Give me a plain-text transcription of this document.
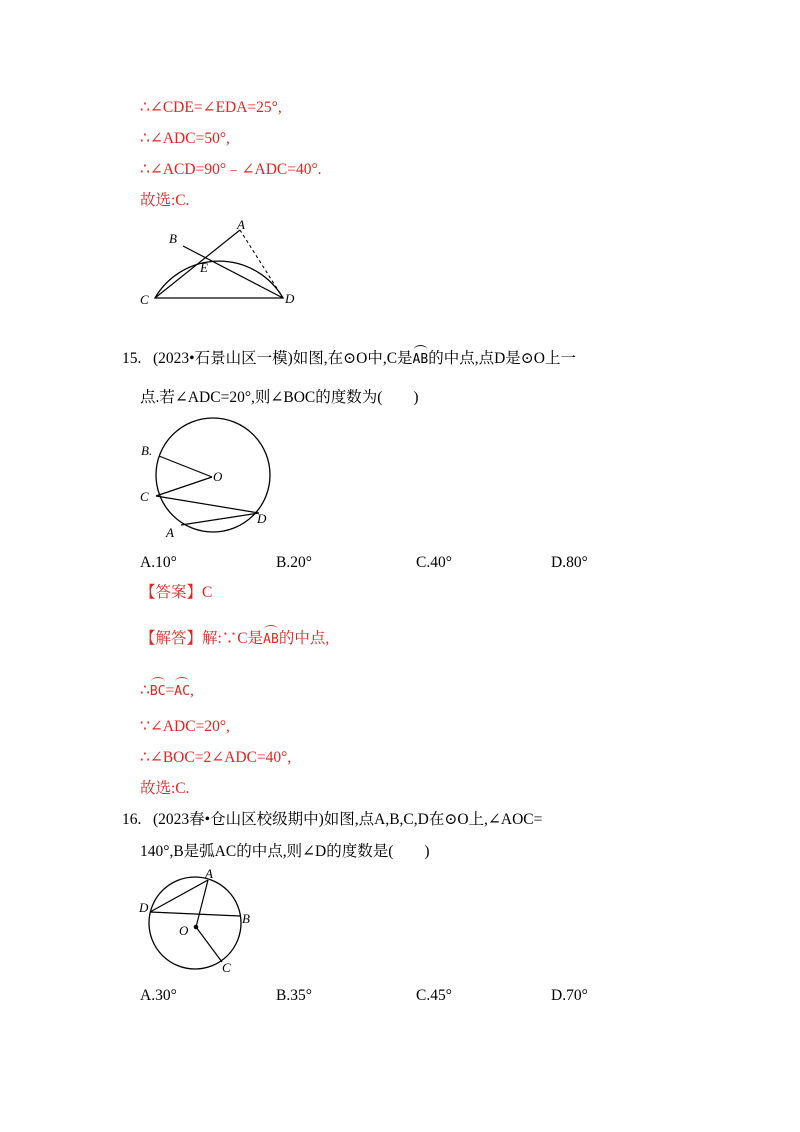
∴∠CDE=∠EDA=25°,
∴∠ADC=50°,
∴∠ACD=90°﹣∠ADC=40°.
故选:C.
A
B
C	D
E
15. (2023•石景山区一模)如图,在⊙O中,C是AB的中点,点D是⊙O上一
点.若∠ADC=20°,则∠BOC的度数为(　　)
B.
O
C
A
D
A.10°	B.20°	C.40°	D.80°
【答案】C
【解答】解:∵C是AB的中点,
∴BC=AC,
∵∠ADC=20°,
∴∠BOC=2∠ADC=40°,
故选:C.
16. (2023春•仓山区校级期中)如图,点A,B,C,D在⊙O上,∠AOC=
140°,B是弧AC的中点,则∠D的度数是(　　)
A
D
B
O
C
A.30°	B.35°	C.45°	D.70°
